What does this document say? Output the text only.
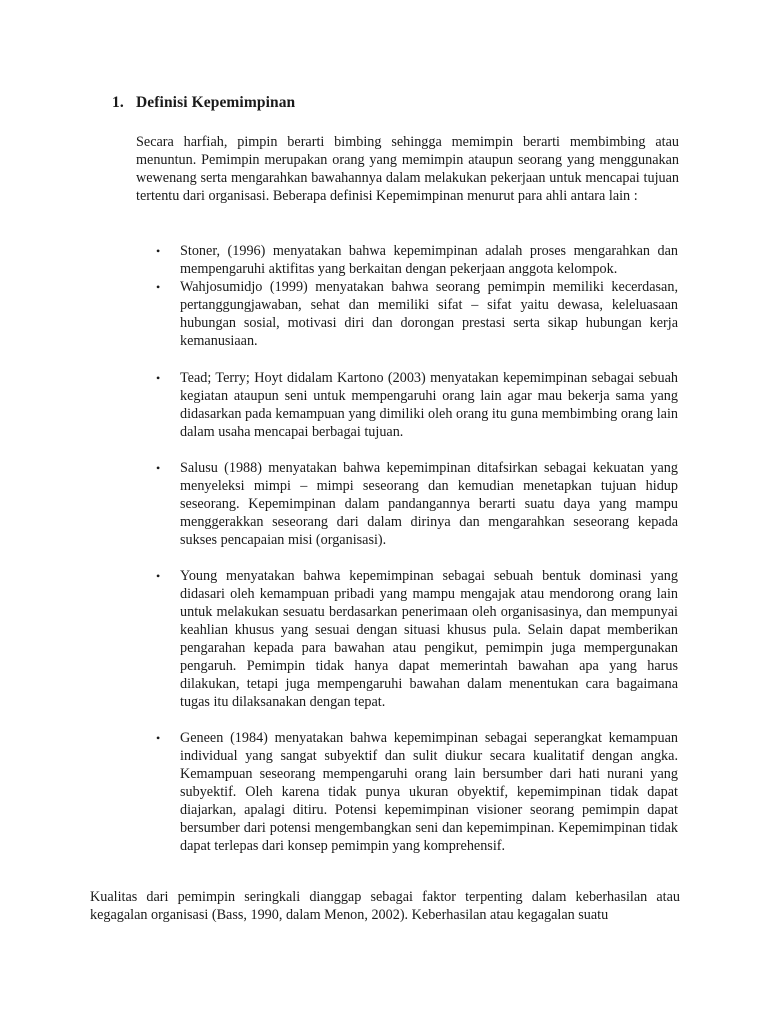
1. Definisi Kepemimpinan

Secara harfiah, pimpin berarti bimbing sehingga memimpin berarti membimbing atau menuntun. Pemimpin merupakan orang yang memimpin ataupun seorang yang menggunakan wewenang serta mengarahkan bawahannya dalam melakukan pekerjaan untuk mencapai tujuan tertentu dari organisasi. Beberapa definisi Kepemimpinan menurut para ahli antara lain :

• Stoner, (1996) menyatakan bahwa kepemimpinan adalah proses mengarahkan dan mempengaruhi aktifitas yang berkaitan dengan pekerjaan anggota kelompok.
• Wahjosumidjo (1999) menyatakan bahwa seorang pemimpin memiliki kecerdasan, pertanggungjawaban, sehat dan memiliki sifat – sifat yaitu dewasa, keleluasaan hubungan sosial, motivasi diri dan dorongan prestasi serta sikap hubungan kerja kemanusiaan.
• Tead; Terry; Hoyt didalam Kartono (2003) menyatakan kepemimpinan sebagai sebuah kegiatan ataupun seni untuk mempengaruhi orang lain agar mau bekerja sama yang didasarkan pada kemampuan yang dimiliki oleh orang itu guna membimbing orang lain dalam usaha mencapai berbagai tujuan.
• Salusu (1988) menyatakan bahwa kepemimpinan ditafsirkan sebagai kekuatan yang menyeleksi mimpi – mimpi seseorang dan kemudian menetapkan tujuan hidup seseorang. Kepemimpinan dalam pandangannya berarti suatu daya yang mampu menggerakkan seseorang dari dalam dirinya dan mengarahkan seseorang kepada sukses pencapaian misi (organisasi).
• Young menyatakan bahwa kepemimpinan sebagai sebuah bentuk dominasi yang didasari oleh kemampuan pribadi yang mampu mengajak atau mendorong orang lain untuk melakukan sesuatu berdasarkan penerimaan oleh organisasinya, dan mempunyai keahlian khusus yang sesuai dengan situasi khusus pula. Selain dapat memberikan pengarahan kepada para bawahan atau pengikut, pemimpin juga mempergunakan pengaruh. Pemimpin tidak hanya dapat memerintah bawahan apa yang harus dilakukan, tetapi juga mempengaruhi bawahan dalam menentukan cara bagaimana tugas itu dilaksanakan dengan tepat.
• Geneen (1984) menyatakan bahwa kepemimpinan sebagai seperangkat kemampuan individual yang sangat subyektif dan sulit diukur secara kualitatif dengan angka. Kemampuan seseorang mempengaruhi orang lain bersumber dari hati nurani yang subyektif. Oleh karena tidak punya ukuran obyektif, kepemimpinan tidak dapat diajarkan, apalagi ditiru. Potensi kepemimpinan visioner seorang pemimpin dapat bersumber dari potensi mengembangkan seni dan kepemimpinan. Kepemimpinan tidak dapat terlepas dari konsep pemimpin yang komprehensif.

Kualitas dari pemimpin seringkali dianggap sebagai faktor terpenting dalam keberhasilan atau kegagalan organisasi (Bass, 1990, dalam Menon, 2002). Keberhasilan atau kegagalan suatu
